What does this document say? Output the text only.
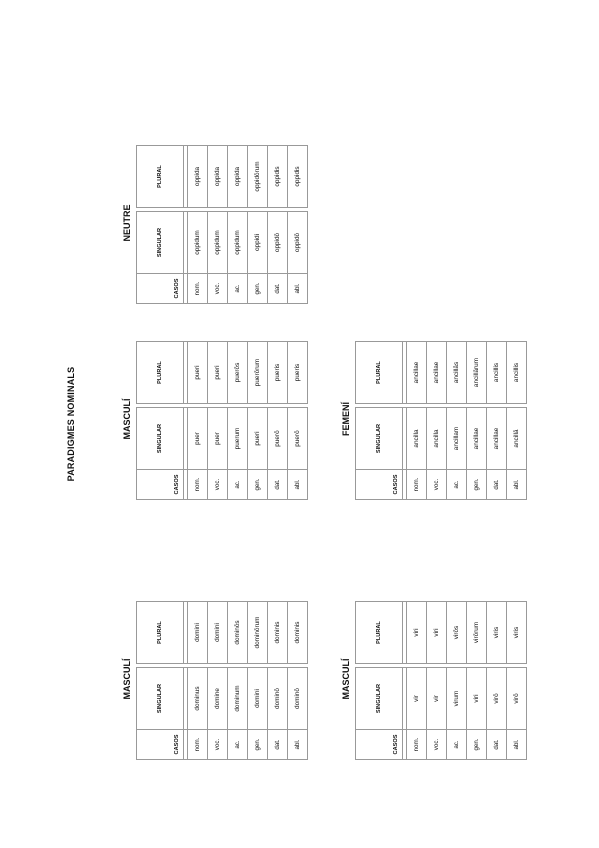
PARADIGMES NOMINALS
MASCULÍ
CASOS	SINGULAR		PLURAL

nom.	dominus		domini
voc.	domine		domini
ac.	dominum		dominōs
gen.	domini		dominōrum
dat.	dominō		dominis
abl.	dominō		dominis
MASCULÍ
CASOS	SINGULAR		PLURAL

nom.	puer		pueri
voc.	puer		pueri
ac.	puerum		puerōs
gen.	pueri		puerōrum
dat.	puerō		pueris
abl.	puerō		pueris
NEUTRE
CASOS	SINGULAR		PLURAL

nom.	oppidum		oppida
voc.	oppidum		oppida
ac.	oppidum		oppida
gen.	oppidi		oppidōrum
dat.	oppidō		oppidis
abl.	oppidō		oppidis
MASCULÍ
CASOS	SINGULAR		PLURAL

nom.	vir		viri
voc.	vir		viri
ac.	virum		virōs
gen.	viri		virōrum
dat.	virō		viris
abl.	virō		viris
FEMENÍ
CASOS	SINGULAR		PLURAL

nom.	ancilla		ancillae
voc.	ancilla		ancillae
ac.	ancillam		ancillās
gen.	ancillae		ancillārum
dat.	ancillae		ancillis
abl.	ancillā		ancillis
